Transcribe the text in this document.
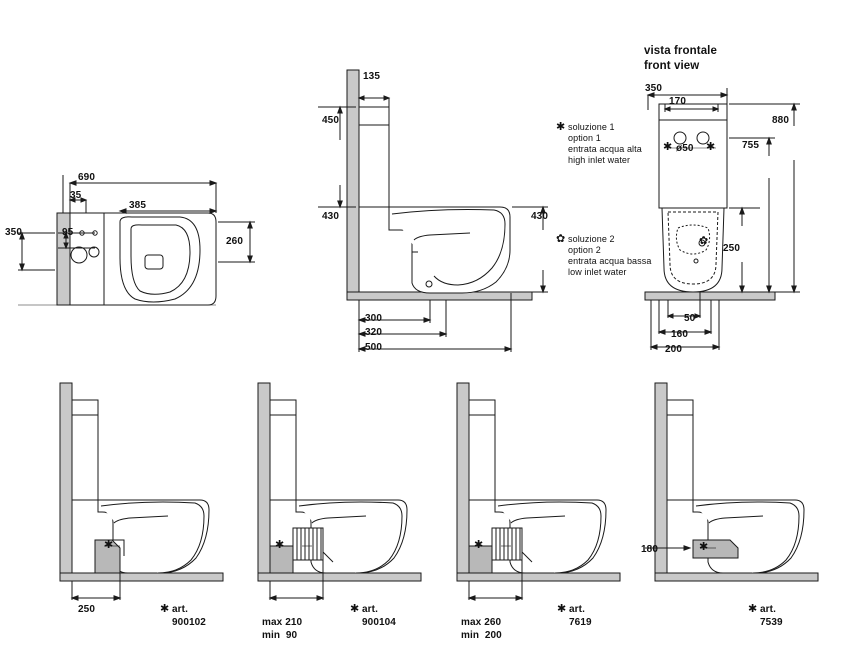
vista frontale
front view
✱ soluzione 1
option 1
entrata acqua alta
high inlet water
✿ soluzione 2
option 2
entrata acqua bassa
low inlet water
690
35
385
350	95
260
135
450
430	430
300
320
500
350
170
880
755
ø50
250
50
160
200
✱	✱
✿
250	✱ art.
900102
✱
max 210
min  90
✱ art.
900104
✱
max 260
min  200
✱ art.
7619
✱	180
✱ art.
7539
✱
